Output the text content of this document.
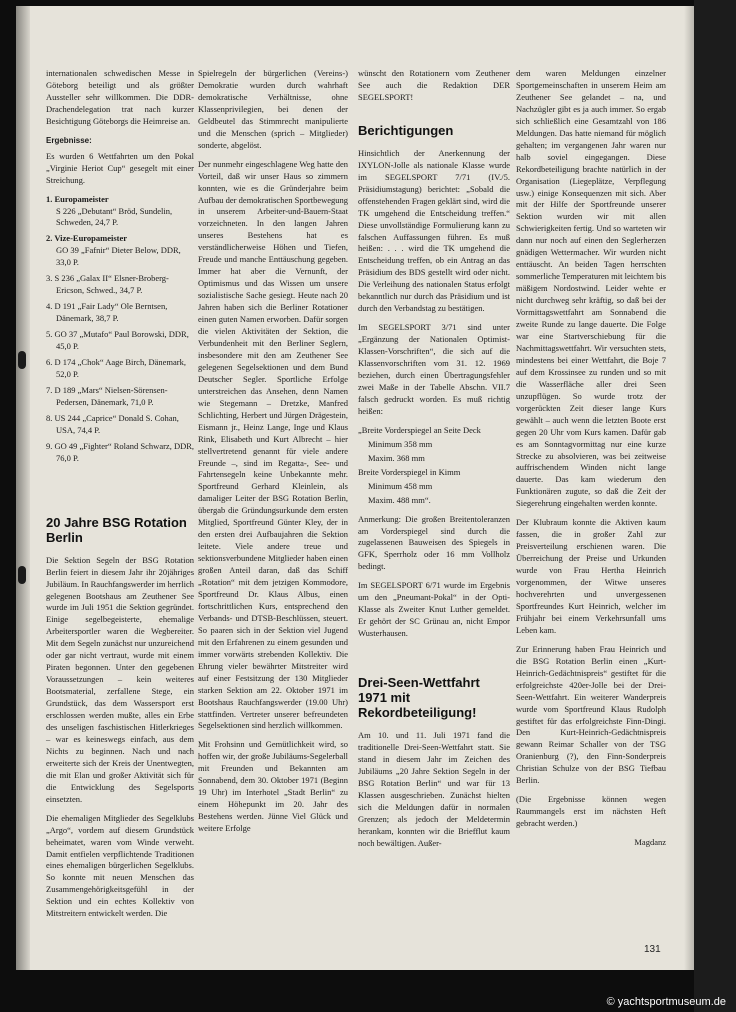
internationalen schwedischen Messe in Göteborg beteiligt und als größter Aussteller sehr willkommen. Die DDR-Drachendelegation trat nach kurzer Besichtigung Göteborgs die Heimreise an.

Ergebnisse:

Es wurden 6 Wettfahrten um den Pokal „Virginie Heriot Cup“ gesegelt mit einer Streichung.

1. Europameister
S 226 „Debutant“ Bröd, Sundelin, Schweden, 24,7 P.
2. Vize-Europameister
GO 39 „Fafnir“ Dieter Below, DDR, 33,0 P.
3. S 236 „Galax II“ Elsner-Broberg-Ericson, Schwed., 34,7 P.
4. D 191 „Fair Lady“ Ole Berntsen, Dänemark, 38,7 P.
5. GO 37 „Mutafo“ Paul Borowski, DDR, 45,0 P.
6. D 174 „Chok“ Aage Birch, Dänemark, 52,0 P.
7. D 189 „Mars“ Nielsen-Sörensen-Pedersen, Dänemark, 71,0 P.
8. US 244 „Caprice“ Donald S. Cohan, USA, 74,4 P.
9. GO 49 „Fighter“ Roland Schwarz, DDR, 76,0 P.
20 Jahre BSG Rotation Berlin

Die Sektion Segeln der BSG Rotation Berlin feiert in diesem Jahr ihr 20jähriges Jubiläum. In Rauchfangswerder im herrlich gelegenen Bootshaus am Zeuthener See wurde im Juli 1951 die Sektion gegründet. Einige segelbegeisterte, ehemalige Arbeitersportler waren die Wegbereiter. Mit dem Segeln zunächst nur unzureichend oder gar nicht vertraut, wurde mit einem Piraten begonnen. Unter den gegebenen Voraussetzungen – kein weiteres Bootsmaterial, zerfallene Stege, ein Grundstück, das dem Wassersport erst erschlossen werden mußte, alles ein Erbe des unseligen faschistischen Hitlerkrieges – war es keineswegs einfach, aus dem Nichts zu beginnen. Nach und nach erweiterte sich der Kreis der Unentwegten, die mit Elan und großer Aktivität sich für die Entwicklung des Segelsports einsetzten.

Die ehemaligen Mitglieder des Segelklubs „Argo“, vordem auf diesem Grundstück beheimatet, waren vom Winde verweht. Damit entfielen verpflichtende Traditionen eines ehemaligen bürgerlichen Segelklubs. So konnte mit neuen Menschen das Zusammengehörigkeitsgefühl in der Sektion und ein echtes Kollektiv von Mitstreitern entwickelt werden. Die

Spielregeln der bürgerlichen (Vereins-) Demokratie wurden durch wahrhaft demokratische Verhältnisse, ohne Klassenprivilegien, bei denen der Geldbeutel das Stimmrecht manipulierte und die Menschen (sprich – Mitglieder) sonderte, abgelöst.

Der nunmehr eingeschlagene Weg hatte den Vorteil, daß wir unser Haus so zimmern konnten, wie es die Gründerjahre beim Aufbau der demokratischen Sportbewegung in unserem Arbeiter-und-Bauern-Staat vorzeichneten. In den langen Jahren unseres Bestehens hat es verständlicherweise Höhen und Tiefen, Freude und manche Enttäuschung gegeben. Immer hat aber die Vernunft, der Optimismus und das Wissen um unsere sozialistische Sache gesiegt. Heute nach 20 Jahren haben sich die Berliner Rotationer einen guten Namen erworben. Dafür sorgen die vielen Aktivitäten der Sektion, die Verbundenheit mit den Berliner Seglern, insbesondere mit den am Zeuthener See gelegenen Segelsektionen und dem Bund Deutscher Segler. Sportliche Erfolge unterstreichen das Ansehen, denn Namen wie Stegemann – Dretzke, Manfred Schlichting, Herbert und Jürgen Drägestein, Eismann jr., Heinz Lange, Inge und Klaus Rink, Elisabeth und Kurt Albrecht – hier stellvertretend genannt für viele andere Freunde –, sind im Regatta-, See- und Fahrtensegeln keine Unbekannte mehr. Sportfreund Gerhard Kleinlein, als damaliger Leiter der BSG Rotation Berlin, übergab die Gründungsurkunde dem ersten Mitglied, Sportfreund Günter Kley, der in den ersten drei Aufbaujahren die Sektion leitete. Viele andere treue und sektionsverbundene Mitglieder haben einen großen Anteil daran, daß das Schiff „Rotation“ mit dem jetzigen Kommodore, Sportfreund Dr. Klaus Albus, einen fortschrittlichen Kurs, entsprechend den Verbands- und DTSB-Beschlüssen, steuert. So paaren sich in der Sektion viel Jugend mit den Erfahrenen zu einem gesunden und immer vorwärts strebenden Kollektiv. Die Ehrung vieler bewährter Mitstreiter wird auf einer Festsitzung der 130 Mitglieder starken Sektion am 22. Oktober 1971 im Bootshaus Rauchfangswerder (19.00 Uhr) stattfinden. Vertreter unserer befreundeten Segelsektionen sind herzlich willkommen.

Mit Frohsinn und Gemütlichkeit wird, so hoffen wir, der große Jubiläums-Segelerball mit Freunden und Bekannten am Sonnabend, dem 30. Oktober 1971 (Beginn 19 Uhr) im Interhotel „Stadt Berlin“ zu einem Höhepunkt im 20. Jahr des Bestehens werden. Jünne Viel Glück und weitere Erfolge

wünscht den Rotationern vom Zeuthener See auch die Redaktion DER SEGELSPORT!

Berichtigungen

Hinsichtlich der Anerkennung der IXYLON-Jolle als nationale Klasse wurde im SEGELSPORT 7/71 (IV./5. Präsidiumstagung) berichtet: „Sobald die offenstehenden Fragen geklärt sind, wird die TK umgehend die Entscheidung treffen.“ Diese unvollständige Formulierung kann zu falschen Auffassungen führen. Es muß heißen: . . . wird die TK umgehend die Entscheidung treffen, ob ein Antrag an das Präsidium des BDS gestellt wird oder nicht. Die Verleihung des nationalen Status erfolgt bekanntlich nur durch das Präsidium und ist durch den Verbandstag zu bestätigen.

Im SEGELSPORT 3/71 sind unter „Ergänzung der Nationalen Optimist-Klassen-Vorschriften“, die sich auf die Klassenvorschriften vom 31. 12. 1969 beziehen, durch einen Übertragungsfehler zwei Maße in der Tabelle Abschn. VII.7 falsch gedruckt worden. Es muß richtig heißen:

„Breite Vorderspiegel an Seite Deck
Minimum 358 mm
Maxim. 368 mm
Breite Vorderspiegel in Kimm
Minimum 458 mm
Maxim. 488 mm“.

Anmerkung: Die großen Breitentoleranzen am Vorderspiegel sind durch die zugelassenen Bauweisen des Spiegels in GFK, Sperrholz oder 16 mm Vollholz bedingt.

Im SEGELSPORT 6/71 wurde im Ergebnis um den „Pneumant-Pokal“ in der Opti-Klasse als Zweiter Knut Luther gemeldet. Er gehört der SC Grünau an, nicht Empor Wusterhausen.

Drei-Seen-Wettfahrt 1971 mit Rekordbeteiligung!

Am 10. und 11. Juli 1971 fand die traditionelle Drei-Seen-Wettfahrt statt. Sie stand in diesem Jahr im Zeichen des Jubiläums „20 Jahre Sektion Segeln in der BSG Rotation Berlin“ und war für 13 Klassen ausgeschrieben. Zunächst hielten sich die Meldungen dafür in normalen Grenzen; als jedoch der Meldetermin herankam, konnten wir die Briefflut kaum noch bewältigen. Außer-

dem waren Meldungen einzelner Sportgemeinschaften in unserem Heim am Zeuthener See gelandet – na, und Nachzügler gibt es ja auch immer. So ergab sich schließlich eine Gesamtzahl von 186 Meldungen. Das hatte niemand für möglich gehalten; im vergangenen Jahr waren nur halb soviel eingegangen. Diese Rekordbeteiligung brachte natürlich in der Organisation (Liegeplätze, Verpflegung usw.) einige Konsequenzen mit sich. Aber mit der Hilfe der Sportfreunde unserer Sektion wurden wir mit allen Schwierigkeiten fertig. Und so warteten wir dann nur noch auf einen den Seglerherzen gnädigen Wettermacher. Wir wurden nicht enttäuscht. An beiden Tagen herrschten sommerliche Temperaturen mit leichtem bis mäßigem Nordostwind. Leider wehte er nicht durchweg sehr kräftig, so daß bei der Vormittagswettfahrt am Sonnabend die zweite Runde zu lange dauerte. Die Folge war eine Startverschiebung für die Nachmittagswettfahrt. Wir versuchten stets, mindestens bei einer Wettfahrt, die Boje 7 auf dem Krossinsee zu runden und so mit die Wasserfläche aller drei Seen unzupflügen. So wurde trotz der vorgerückten Zeit dieser lange Kurs gewählt – auch wenn die letzten Boote erst gegen 20 Uhr vom Kurs kamen. Dafür gab es am Sonntagvormittag nur eine kurze Strecke zu absolvieren, was bei zeitweise auffrischendem Winden nicht lange dauerte. Das kam wiederum den Funktionären zugute, so daß die Zeit der Siegerehrung eingehalten werden konnte.

Der Klubraum konnte die Aktiven kaum fassen, die in großer Zahl zur Preisverteilung erschienen waren. Die Überreichung der Preise und Urkunden wurde von Frau Hertha Heinrich vorgenommen, der Witwe unseres hochverehrten und unvergessenen Sportfreundes Kurt Heinrich, welcher im Frühjahr bei einem Verkehrsunfall ums Leben kam.

Zur Erinnerung haben Frau Heinrich und die BSG Rotation Berlin einen „Kurt-Heinrich-Gedächtnispreis“ gestiftet für die erfolgreichste 420er-Jolle bei der Drei-Seen-Wettfahrt. Ein weiterer Wanderpreis wurde vom Sportfreund Klaus Rudolph gestiftet für das erfolgreichste Finn-Dingi. Den Kurt-Heinrich-Gedächtnispreis gewann Reimar Schaller von der TSG Oranienburg (?), den Finn-Sonderpreis Christian Schulze von der BSG Tiefbau Berlin.

(Die Ergebnisse können wegen Raummangels erst im nächsten Heft gebracht werden.)

Magdanz
131
© yachtsportmuseum.de
